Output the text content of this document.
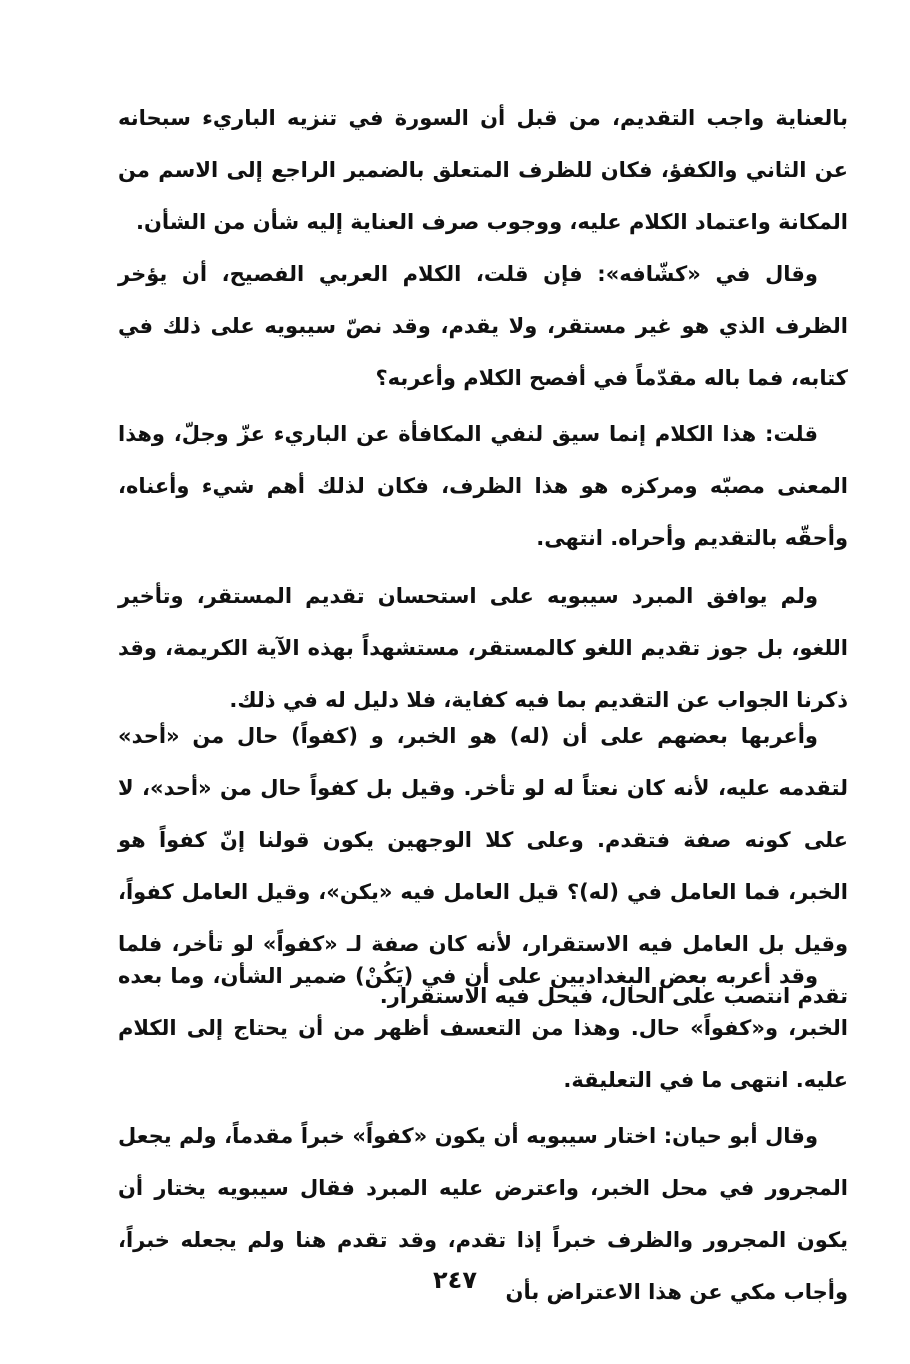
بالعناية واجب التقديم، من قبل أن السورة في تنزيه الباريء سبحانه عن الثاني والكفؤ، فكان للظرف المتعلق بالضمير الراجع إلى الاسم من المكانة واعتماد الكلام عليه، ووجوب صرف العناية إليه شأن من الشأن.

وقال في «كشّافه»: فإن قلت، الكلام العربي الفصيح، أن يؤخر الظرف الذي هو غير مستقر، ولا يقدم، وقد نصّ سيبويه على ذلك في كتابه، فما باله مقدّماً في أفصح الكلام وأعربه؟

قلت: هذا الكلام إنما سيق لنفي المكافأة عن الباريء عزّ وجلّ، وهذا المعنى مصبّه ومركزه هو هذا الظرف، فكان لذلك أهم شيء وأعناه، وأحقّه بالتقديم وأحراه. انتهى.

ولم يوافق المبرد سيبويه على استحسان تقديم المستقر، وتأخير اللغو، بل جوز تقديم اللغو كالمستقر، مستشهداً بهذه الآية الكريمة، وقد ذكرنا الجواب عن التقديم بما فيه كفاية، فلا دليل له في ذلك.

وأعربها بعضهم على أن (له) هو الخبر، و (كفواً) حال من «أحد» لتقدمه عليه، لأنه كان نعتاً له لو تأخر. وقيل بل كفواً حال من «أحد»، لا على كونه صفة فتقدم. وعلى كلا الوجهين يكون قولنا إنّ كفواً هو الخبر، فما العامل في (له)؟ قيل العامل فيه «يكن»، وقيل العامل كفواً، وقيل بل العامل فيه الاستقرار، لأنه كان صفة لـ «كفواً» لو تأخر، فلما تقدم انتصب على الحال، فيحل فيه الاستقرار.

وقد أعربه بعض البغداديين على أن في (يَكُنْ) ضمير الشأن، وما بعده الخبر، و«كفواً» حال. وهذا من التعسف أظهر من أن يحتاج إلى الكلام عليه. انتهى ما في التعليقة.

وقال أبو حيان: اختار سيبويه أن يكون «كفواً» خبراً مقدماً، ولم يجعل المجرور في محل الخبر، واعترض عليه المبرد فقال سيبويه يختار أن يكون المجرور والظرف خبراً إذا تقدم، وقد تقدم هنا ولم يجعله خبراً، وأجاب مكي عن هذا الاعتراض بأن

٢٤٧
